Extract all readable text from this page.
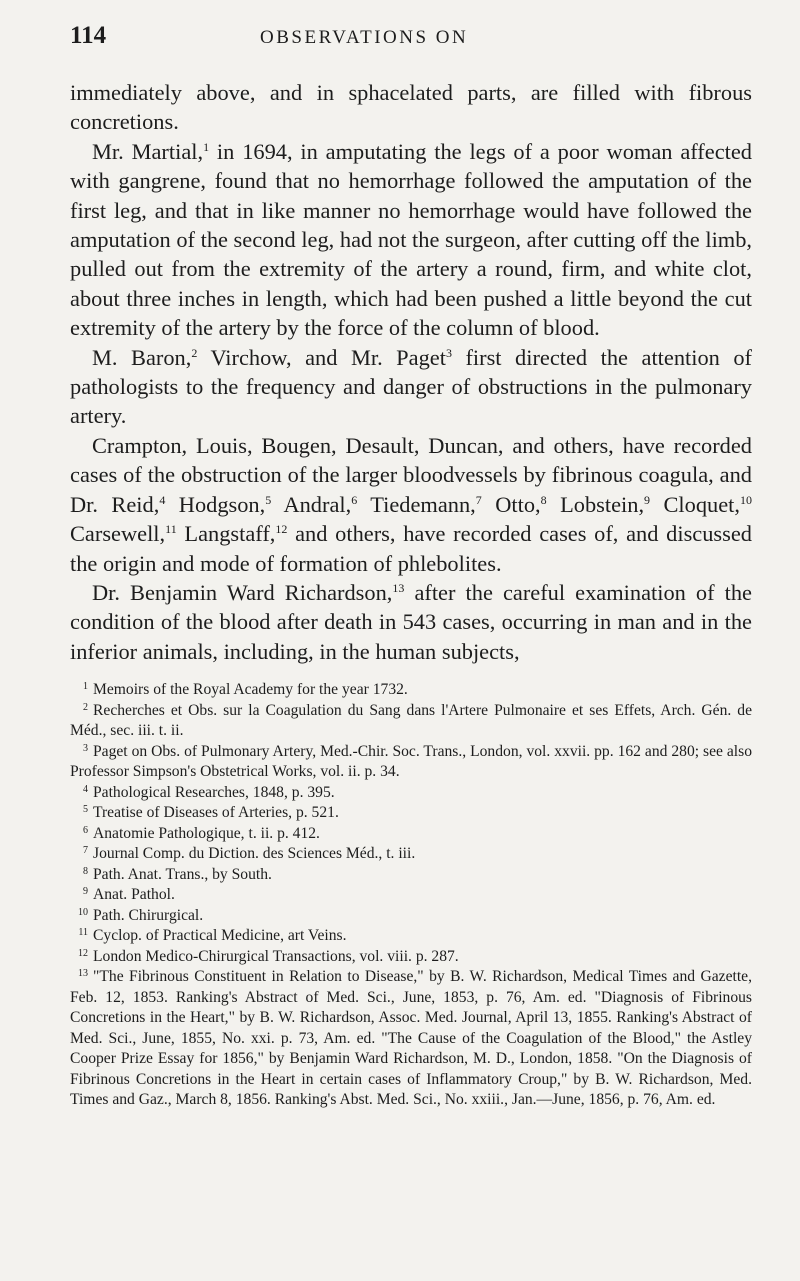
114	OBSERVATIONS ON

immediately above, and in sphacelated parts, are filled with fibrous concretions.

Mr. Martial,$^1$ in 1694, in amputating the legs of a poor woman affected with gangrene, found that no hemorrhage followed the amputation of the first leg, and that in like manner no hemorrhage would have followed the amputation of the second leg, had not the surgeon, after cutting off the limb, pulled out from the extremity of the artery a round, firm, and white clot, about three inches in length, which had been pushed a little beyond the cut extremity of the artery by the force of the column of blood.

M. Baron,$^2$ Virchow, and Mr. Paget$^3$ first directed the attention of pathologists to the frequency and danger of obstructions in the pulmonary artery.

Crampton, Louis, Bougen, Desault, Duncan, and others, have recorded cases of the obstruction of the larger bloodvessels by fibrinous coagula, and Dr. Reid,$^4$ Hodgson,$^5$ Andral,$^6$ Tiedemann,$^7$ Otto,$^8$ Lobstein,$^9$ Cloquet,$^{10}$ Carsewell,$^{11}$ Langstaff,$^{12}$ and others, have recorded cases of, and discussed the origin and mode of formation of phlebolites.

Dr. Benjamin Ward Richardson,$^{13}$ after the careful examination of the condition of the blood after death in 543 cases, occurring in man and in the inferior animals, including, in the human subjects,

1 Memoirs of the Royal Academy for the year 1732.

2 Recherches et Obs. sur la Coagulation du Sang dans l'Artere Pulmonaire et ses Effets, Arch. Gén. de Méd., sec. iii. t. ii.

3 Paget on Obs. of Pulmonary Artery, Med.-Chir. Soc. Trans., London, vol. xxvii. pp. 162 and 280; see also Professor Simpson's Obstetrical Works, vol. ii. p. 34.

4 Pathological Researches, 1848, p. 395.

5 Treatise of Diseases of Arteries, p. 521.

6 Anatomie Pathologique, t. ii. p. 412.

7 Journal Comp. du Diction. des Sciences Méd., t. iii.

8 Path. Anat. Trans., by South.

9 Anat. Pathol.

10 Path. Chirurgical.

11 Cyclop. of Practical Medicine, art Veins.

12 London Medico-Chirurgical Transactions, vol. viii. p. 287.

13 "The Fibrinous Constituent in Relation to Disease," by B. W. Richardson, Medical Times and Gazette, Feb. 12, 1853. Ranking's Abstract of Med. Sci., June, 1853, p. 76, Am. ed. "Diagnosis of Fibrinous Concretions in the Heart," by B. W. Richardson, Assoc. Med. Journal, April 13, 1855. Ranking's Abstract of Med. Sci., June, 1855, No. xxi. p. 73, Am. ed. "The Cause of the Coagulation of the Blood," the Astley Cooper Prize Essay for 1856," by Benjamin Ward Richardson, M. D., London, 1858. "On the Diagnosis of Fibrinous Concretions in the Heart in certain cases of Inflammatory Croup," by B. W. Richardson, Med. Times and Gaz., March 8, 1856. Ranking's Abst. Med. Sci., No. xxiii., Jan.—June, 1856, p. 76, Am. ed.
